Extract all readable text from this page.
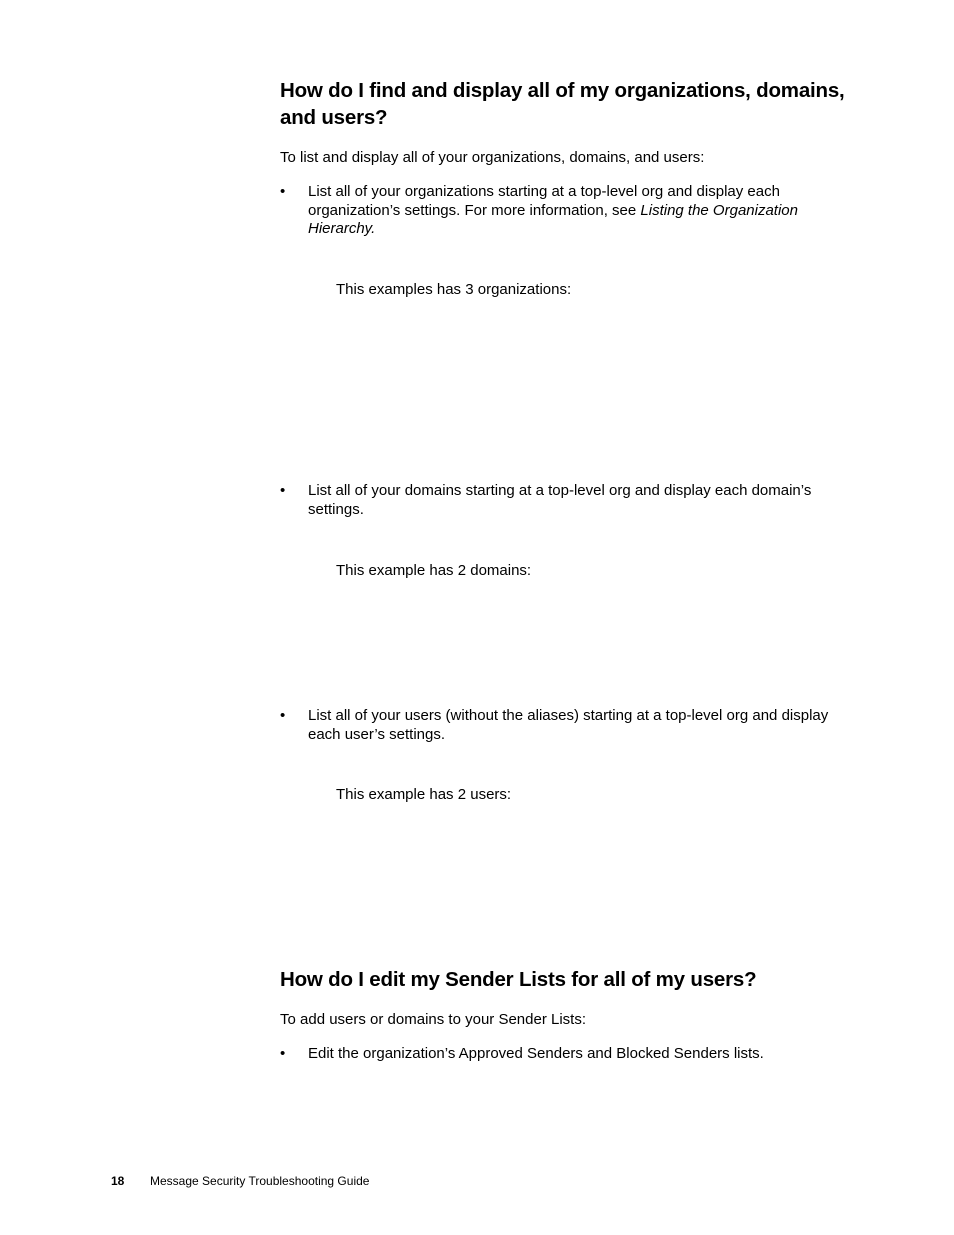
How do I find and display all of my organizations, domains, and users?

To list and display all of your organizations, domains, and users:

• List all of your organizations starting at a top-level org and display each organization’s settings. For more information, see Listing the Organization Hierarchy.
This examples has 3 organizations:
• List all of your domains starting at a top-level org and display each domain’s settings.
This example has 2 domains:
• List all of your users (without the aliases) starting at a top-level org and display each user’s settings.
This example has 2 users:
How do I edit my Sender Lists for all of my users?

To add users or domains to your Sender Lists:

• Edit the organization’s Approved Senders and Blocked Senders lists.
18 Message Security Troubleshooting Guide
